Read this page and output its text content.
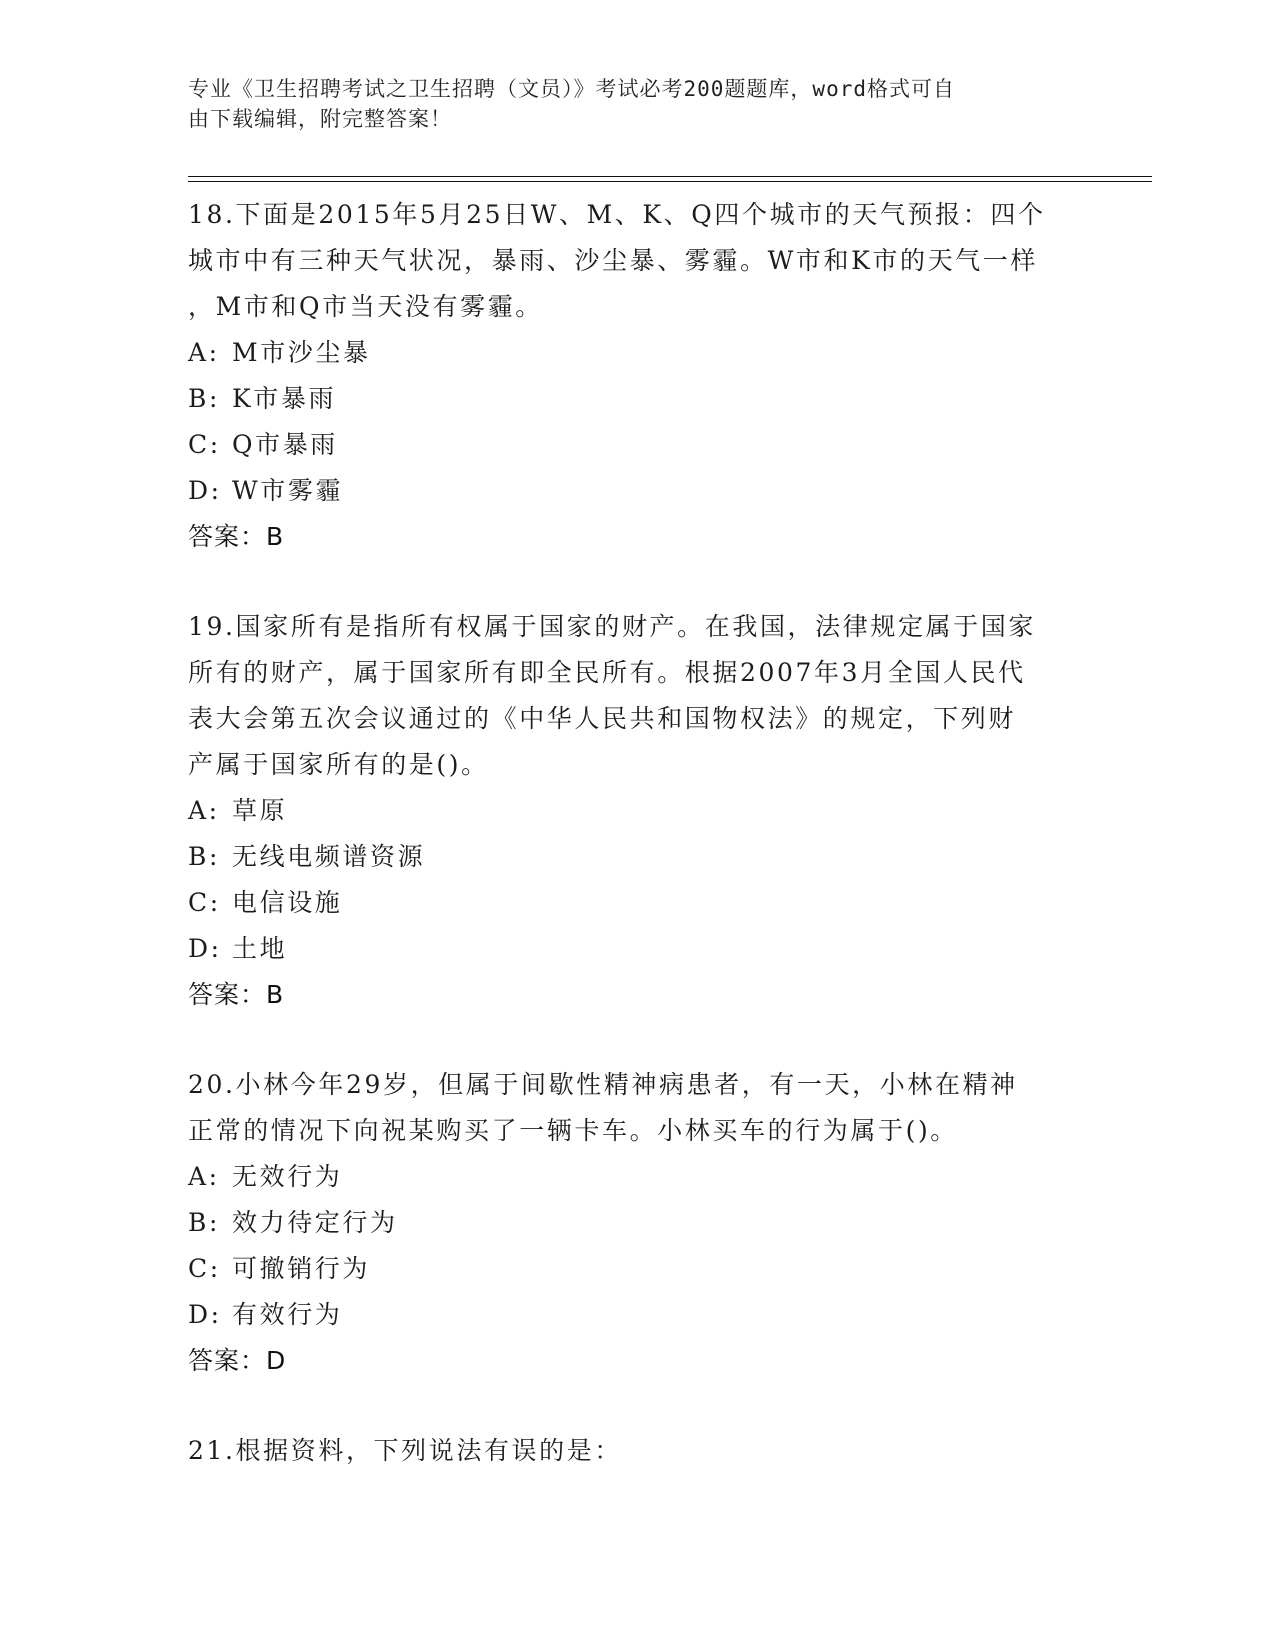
专业《卫生招聘考试之卫生招聘（文员）》考试必考200题题库，word格式可自
由下载编辑，附完整答案！

18.下面是2015年5月25日W、M、K、Q四个城市的天气预报：四个

城市中有三种天气状况，暴雨、沙尘暴、雾霾。W市和K市的天气一样

，M市和Q市当天没有雾霾。

A: M市沙尘暴

B: K市暴雨

C: Q市暴雨

D: W市雾霾

答案：B

19.国家所有是指所有权属于国家的财产。在我国，法律规定属于国家

所有的财产，属于国家所有即全民所有。根据2007年3月全国人民代

表大会第五次会议通过的《中华人民共和国物权法》的规定，下列财

产属于国家所有的是()。

A: 草原

B: 无线电频谱资源

C: 电信设施

D: 土地

答案：B

20.小林今年29岁，但属于间歇性精神病患者，有一天，小林在精神

正常的情况下向祝某购买了一辆卡车。小林买车的行为属于()。

A: 无效行为

B: 效力待定行为

C: 可撤销行为

D: 有效行为

答案：D

21.根据资料，下列说法有误的是：
